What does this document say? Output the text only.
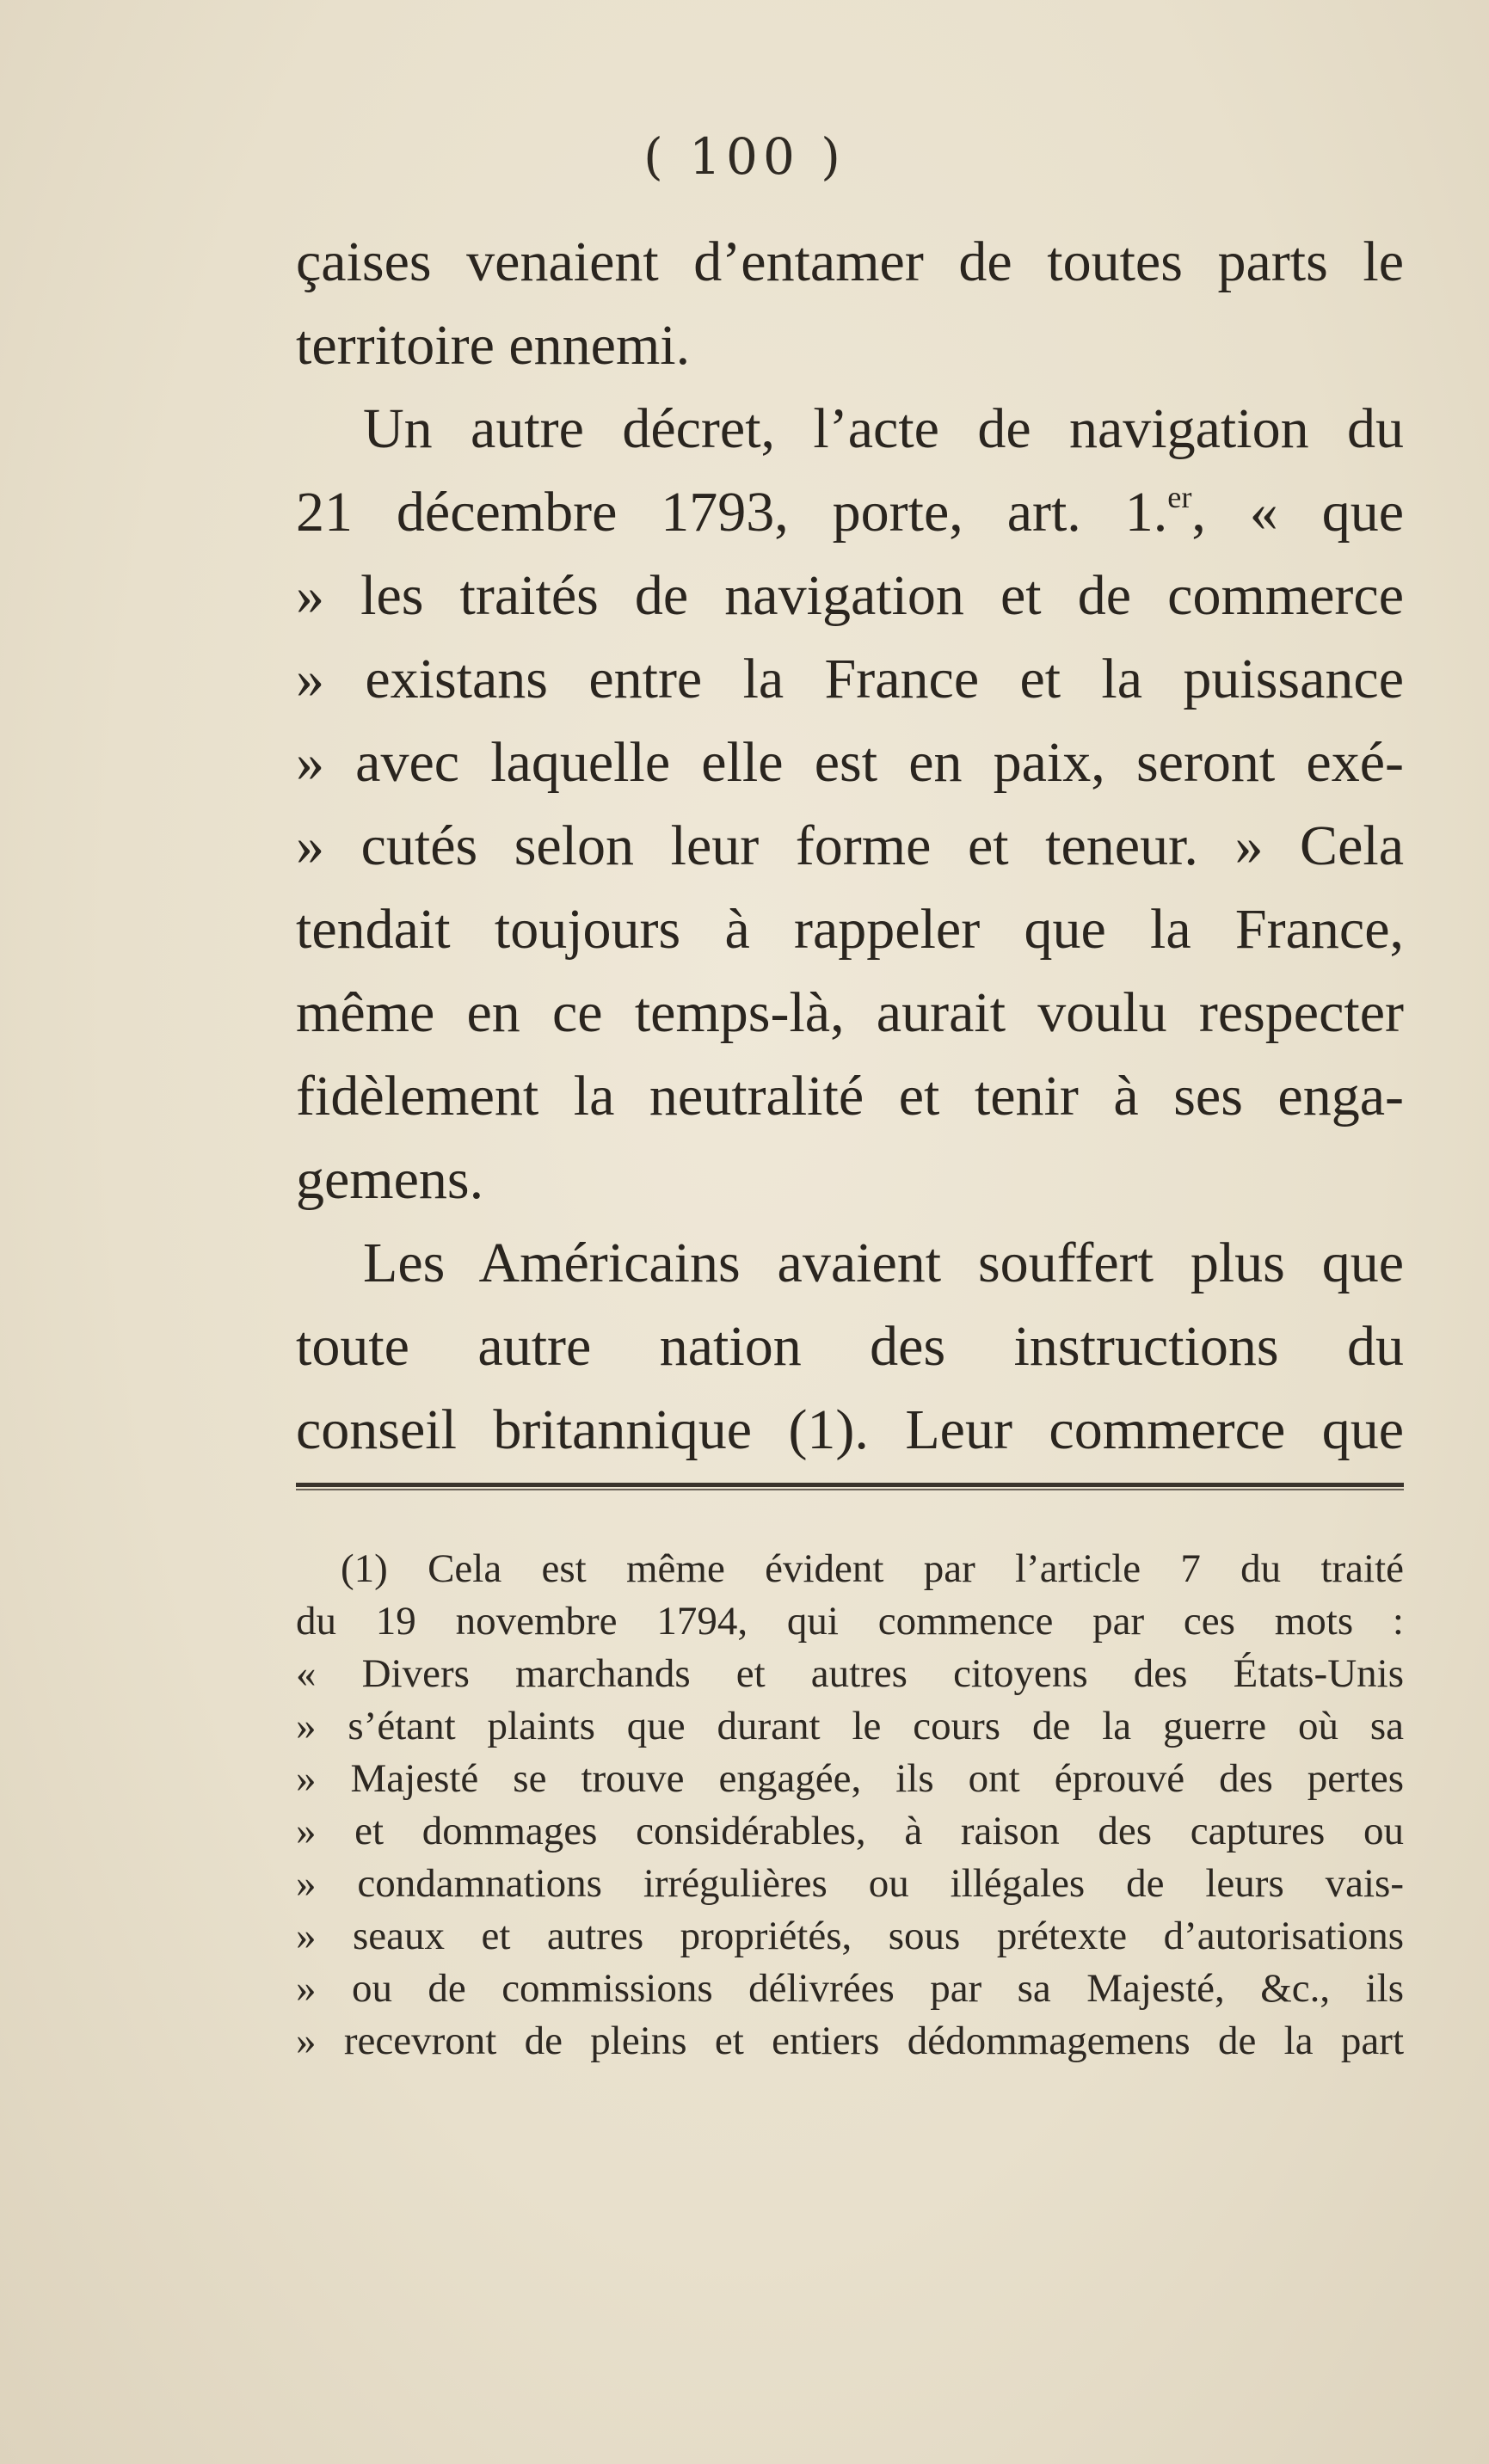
( 100 )
çaises venaient d’entamer de toutes parts le
territoire ennemi.
Un autre décret, l’acte de navigation du
21 décembre 1793, porte, art. 1.$^{er}$, « que
» les traités de navigation et de commerce
» existans entre la France et la puissance
» avec laquelle elle est en paix, seront exé-
» cutés selon leur forme et teneur. » Cela
tendait toujours à rappeler que la France,
même en ce temps-là, aurait voulu respecter
fidèlement la neutralité et tenir à ses enga-
gemens.
Les Américains avaient souffert plus que
toute autre nation des instructions du
conseil britannique (1). Leur commerce que
(1) Cela est même évident par l’article 7 du traité
du 19 novembre 1794, qui commence par ces mots :
« Divers marchands et autres citoyens des États-Unis
» s’étant plaints que durant le cours de la guerre où sa
» Majesté se trouve engagée, ils ont éprouvé des pertes
» et dommages considérables, à raison des captures ou
» condamnations irrégulières ou illégales de leurs vais-
» seaux et autres propriétés, sous prétexte d’autorisations
» ou de commissions délivrées par sa Majesté, &c., ils
» recevront de pleins et entiers dédommagemens de la part
